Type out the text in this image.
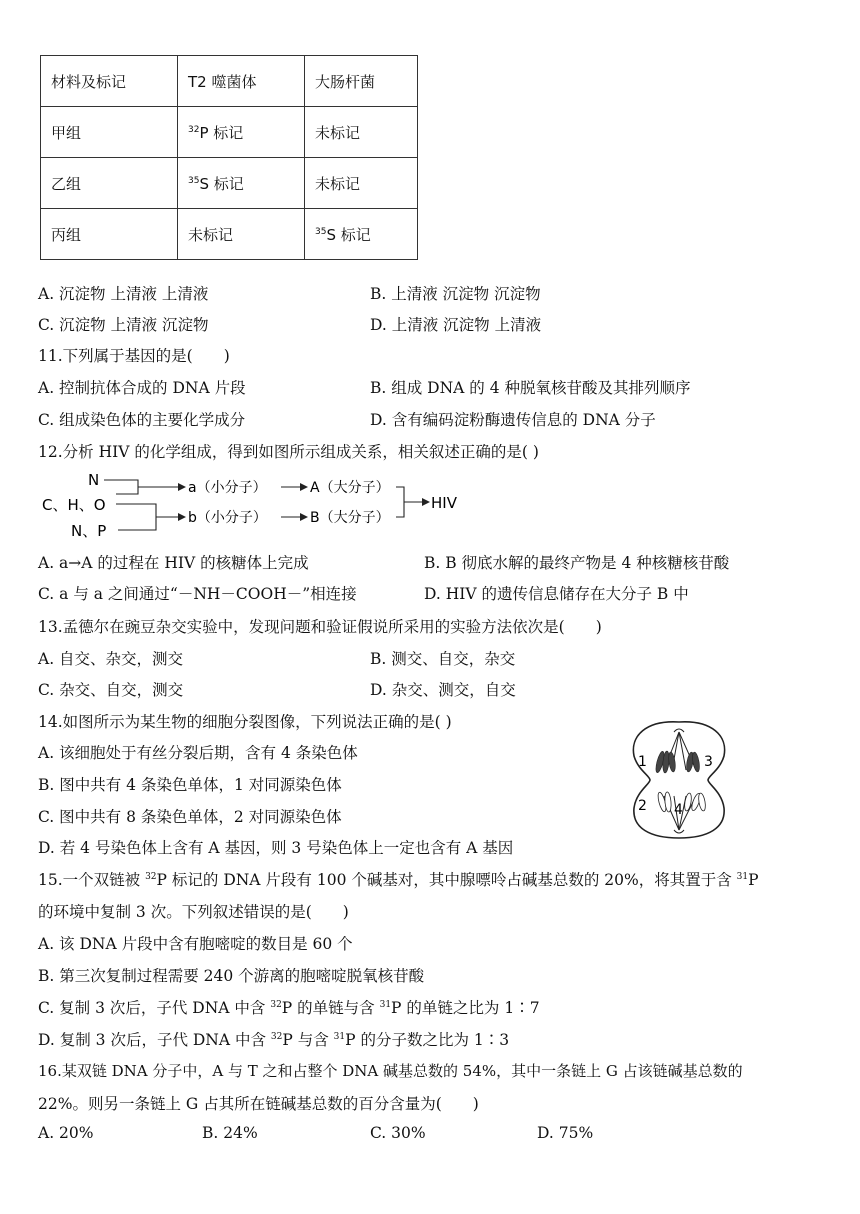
材料及标记	T2 噬菌体	大肠杆菌
甲组	$^{32}$P 标记	未标记
乙组	$^{35}$S 标记	未标记
丙组	未标记	$^{35}$S 标记
A. 沉淀物 上清液 上清液	B. 上清液 沉淀物 沉淀物
C. 沉淀物 上清液 沉淀物	D. 上清液 沉淀物 上清液
11.下列属于基因的是(　　)
A. 控制抗体合成的 DNA 片段	B. 组成 DNA 的 4 种脱氧核苷酸及其排列顺序
C. 组成染色体的主要化学成分	D. 含有编码淀粉酶遗传信息的 DNA 分子
12.分析 HIV 的化学组成，得到如图所示组成关系，相关叙述正确的是( )
N
C、H、O
N、P
a（小分子）
b（小分子）
A（大分子）
B（大分子）
HIV
A. a→A 的过程在 HIV 的核糖体上完成	B. B 彻底水解的最终产物是 4 种核糖核苷酸
C. a 与 a 之间通过“－NH－COOH－”相连接	D. HIV 的遗传信息储存在大分子 B 中
13.孟德尔在豌豆杂交实验中，发现问题和验证假说所采用的实验方法依次是(　　)
A. 自交、杂交，测交	B. 测交、自交，杂交
C. 杂交、自交，测交	D. 杂交、测交，自交
14.如图所示为某生物的细胞分裂图像，下列说法正确的是( )
A. 该细胞处于有丝分裂后期，含有 4 条染色体
B. 图中共有 4 条染色单体，1 对同源染色体
C. 图中共有 8 条染色单体，2 对同源染色体
D. 若 4 号染色体上含有 A 基因，则 3 号染色体上一定也含有 A 基因
1	3
2 4
15.一个双链被 $^{32}$P 标记的 DNA 片段有 100 个碱基对，其中腺嘌呤占碱基总数的 20%，将其置于含 $^{31}$P
的环境中复制 3 次。下列叙述错误的是(　　)
A. 该 DNA 片段中含有胞嘧啶的数目是 60 个
B. 第三次复制过程需要 240 个游离的胞嘧啶脱氧核苷酸
C. 复制 3 次后，子代 DNA 中含 $^{32}$P 的单链与含 $^{31}$P 的单链之比为 1∶7
D. 复制 3 次后，子代 DNA 中含 $^{32}$P 与含 $^{31}$P 的分子数之比为 1∶3
16.某双链 DNA 分子中，A 与 T 之和占整个 DNA 碱基总数的 54%，其中一条链上 G 占该链碱基总数的
22%。则另一条链上 G 占其所在链碱基总数的百分含量为(　　)
A. 20%	B. 24%	C. 30%	D. 75%
